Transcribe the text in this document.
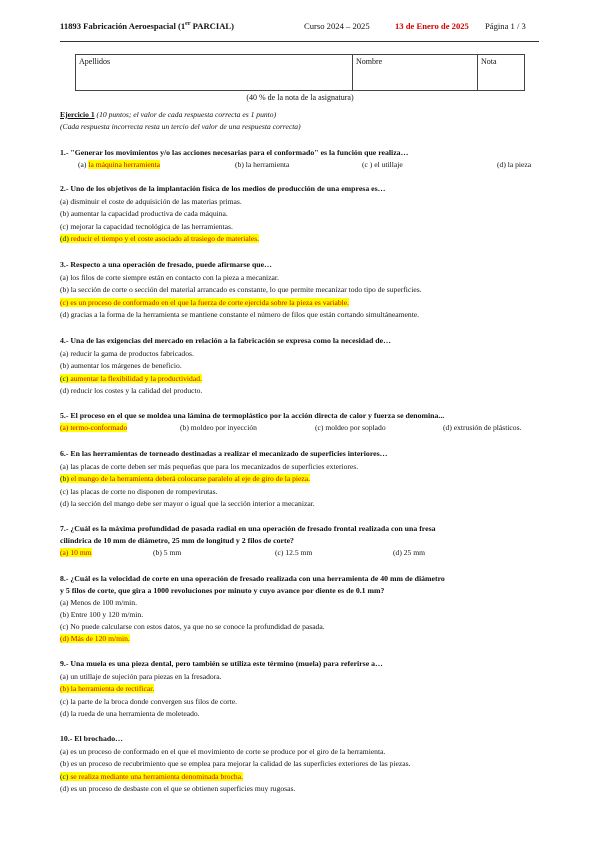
11893 Fabricación Aeroespacial (1er PARCIAL)	Curso 2024 – 2025	13 de Enero de 2025 Página 1 / 3
Apellidos	Nombre	Nota
(40 % de la nota de la asignatura)
Ejercicio 1 (10 puntos; el valor de cada respuesta correcta es 1 punto)
(Cada respuesta incorrecta resta un tercio del valor de una respuesta correcta)
1.- "Generar los movimientos y/o las acciones necesarias para el conformado" es la función que realiza…
(a) la máquina herramienta	(b) la herramienta	(c ) el utillaje	(d) la pieza
2.- Uno de los objetivos de la implantación física de los medios de producción de una empresa es…
(a) disminuir el coste de adquisición de las materias primas.
(b) aumentar la capacidad productiva de cada máquina.
(c) mejorar la capacidad tecnológica de las herramientas.
(d) reducir el tiempo y el coste asociado al trasiego de materiales.
3.- Respecto a una operación de fresado, puede afirmarse que…
(a) los filos de corte siempre están en contacto con la pieza a mecanizar.
(b) la sección de corte o sección del material arrancado es constante, lo que permite mecanizar todo tipo de superficies.
(c) es un proceso de conformado en el que la fuerza de corte ejercida sobre la pieza es variable.
(d) gracias a la forma de la herramienta se mantiene constante el número de filos que están cortando simultáneamente.
4.- Una de las exigencias del mercado en relación a la fabricación se expresa como la necesidad de…
(a) reducir la gama de productos fabricados.
(b) aumentar los márgenes de beneficio.
(c) aumentar la flexibilidad y la productividad.
(d) reducir los costes y la calidad del producto.
5.- El proceso en el que se moldea una lámina de termoplástico por la acción directa de calor y fuerza se denomina...
(a) termo-conformado	(b) moldeo por inyección	(c) moldeo por soplado	(d) extrusión de plásticos.
6.- En las herramientas de torneado destinadas a realizar el mecanizado de superficies interiores…
(a) las placas de corte deben ser más pequeñas que para los mecanizados de superficies exteriores.
(b) el mango de la herramienta deberá colocarse paralelo al eje de giro de la pieza.
(c) las placas de corte no disponen de rompevirutas.
(d) la sección del mango debe ser mayor o igual que la sección interior a mecanizar.
7.- ¿Cuál es la máxima profundidad de pasada radial en una operación de fresado frontal realizada con una fresa
cilíndrica de 10 mm de diámetro, 25 mm de longitud y 2 filos de corte?
(a) 10 mm	(b) 5 mm	(c) 12.5 mm	(d) 25 mm
8.- ¿Cuál es la velocidad de corte en una operación de fresado realizada con una herramienta de 40 mm de diámetro
y 5 filos de corte, que gira a 1000 revoluciones por minuto y cuyo avance por diente es de 0.1 mm?
(a) Menos de 100 m/min.
(b) Entre 100 y 120 m/min.
(c) No puede calcularse con estos datos, ya que no se conoce la profundidad de pasada.
(d) Más de 120 m/min.
9.- Una muela es una pieza dental, pero también se utiliza este término (muela) para referirse a…
(a) un utillaje de sujeción para piezas en la fresadora.
(b) la herramienta de rectificar.
(c) la parte de la broca donde convergen sus filos de corte.
(d) la rueda de una herramienta de moleteado.
10.- El brochado…
(a) es un proceso de conformado en el que el movimiento de corte se produce por el giro de la herramienta.
(b) es un proceso de recubrimiento que se emplea para mejorar la calidad de las superficies exteriores de las piezas.
(c) se realiza mediante una herramienta denominada brocha.
(d) es un proceso de desbaste con el que se obtienen superficies muy rugosas.
